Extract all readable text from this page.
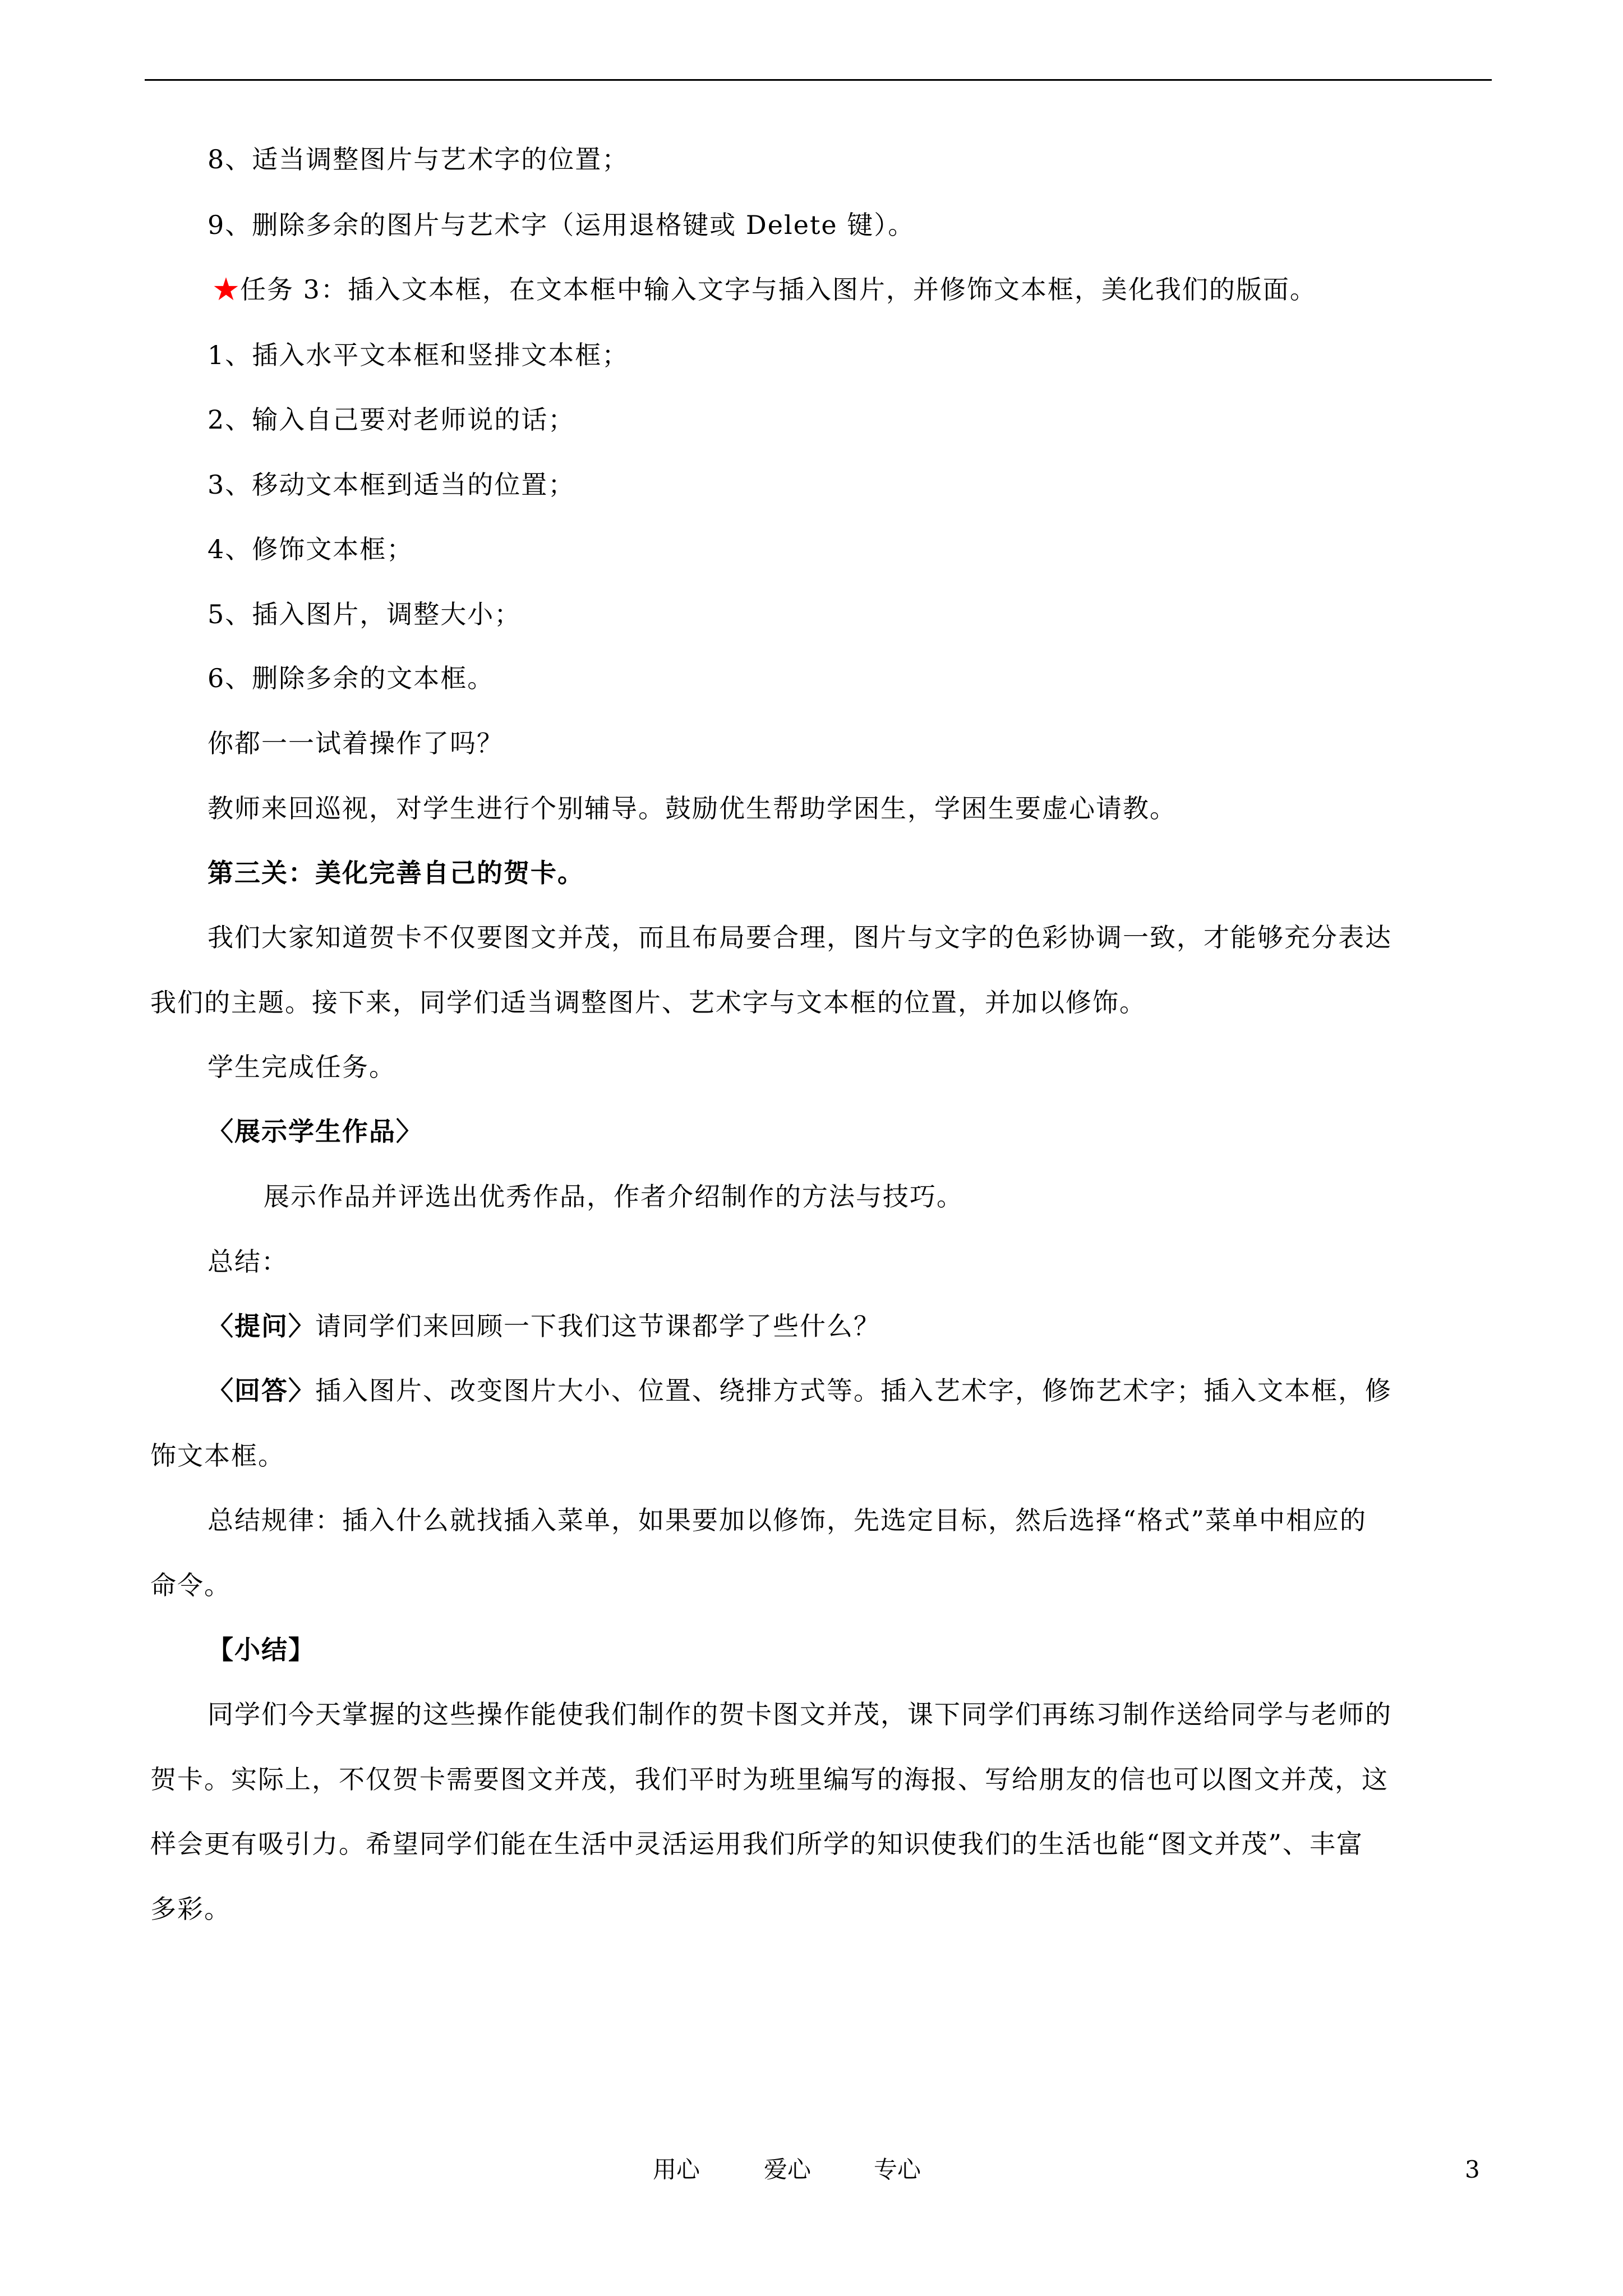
8、适当调整图片与艺术字的位置；
9、删除多余的图片与艺术字（运用退格键或 Delete 键）。
★任务 3：插入文本框，在文本框中输入文字与插入图片，并修饰文本框，美化我们的版面。
1、插入水平文本框和竖排文本框；
2、输入自己要对老师说的话；
3、移动文本框到适当的位置；
4、修饰文本框；
5、插入图片，调整大小；
6、删除多余的文本框。
你都一一试着操作了吗？
教师来回巡视，对学生进行个别辅导。鼓励优生帮助学困生，学困生要虚心请教。
第三关：美化完善自己的贺卡。
我们大家知道贺卡不仅要图文并茂，而且布局要合理，图片与文字的色彩协调一致，才能够充分表达
我们的主题。接下来，同学们适当调整图片、艺术字与文本框的位置，并加以修饰。
学生完成任务。
〈展示学生作品〉
展示作品并评选出优秀作品，作者介绍制作的方法与技巧。
总结：
〈提问〉请同学们来回顾一下我们这节课都学了些什么？
〈回答〉插入图片、改变图片大小、位置、绕排方式等。插入艺术字，修饰艺术字；插入文本框，修
饰文本框。
总结规律：插入什么就找插入菜单，如果要加以修饰，先选定目标，然后选择“格式”菜单中相应的
命令。
【小结】
同学们今天掌握的这些操作能使我们制作的贺卡图文并茂，课下同学们再练习制作送给同学与老师的
贺卡。实际上，不仅贺卡需要图文并茂，我们平时为班里编写的海报、写给朋友的信也可以图文并茂，这
样会更有吸引力。希望同学们能在生活中灵活运用我们所学的知识使我们的生活也能“图文并茂”、丰富
多彩。
用心	爱心	专心	3
